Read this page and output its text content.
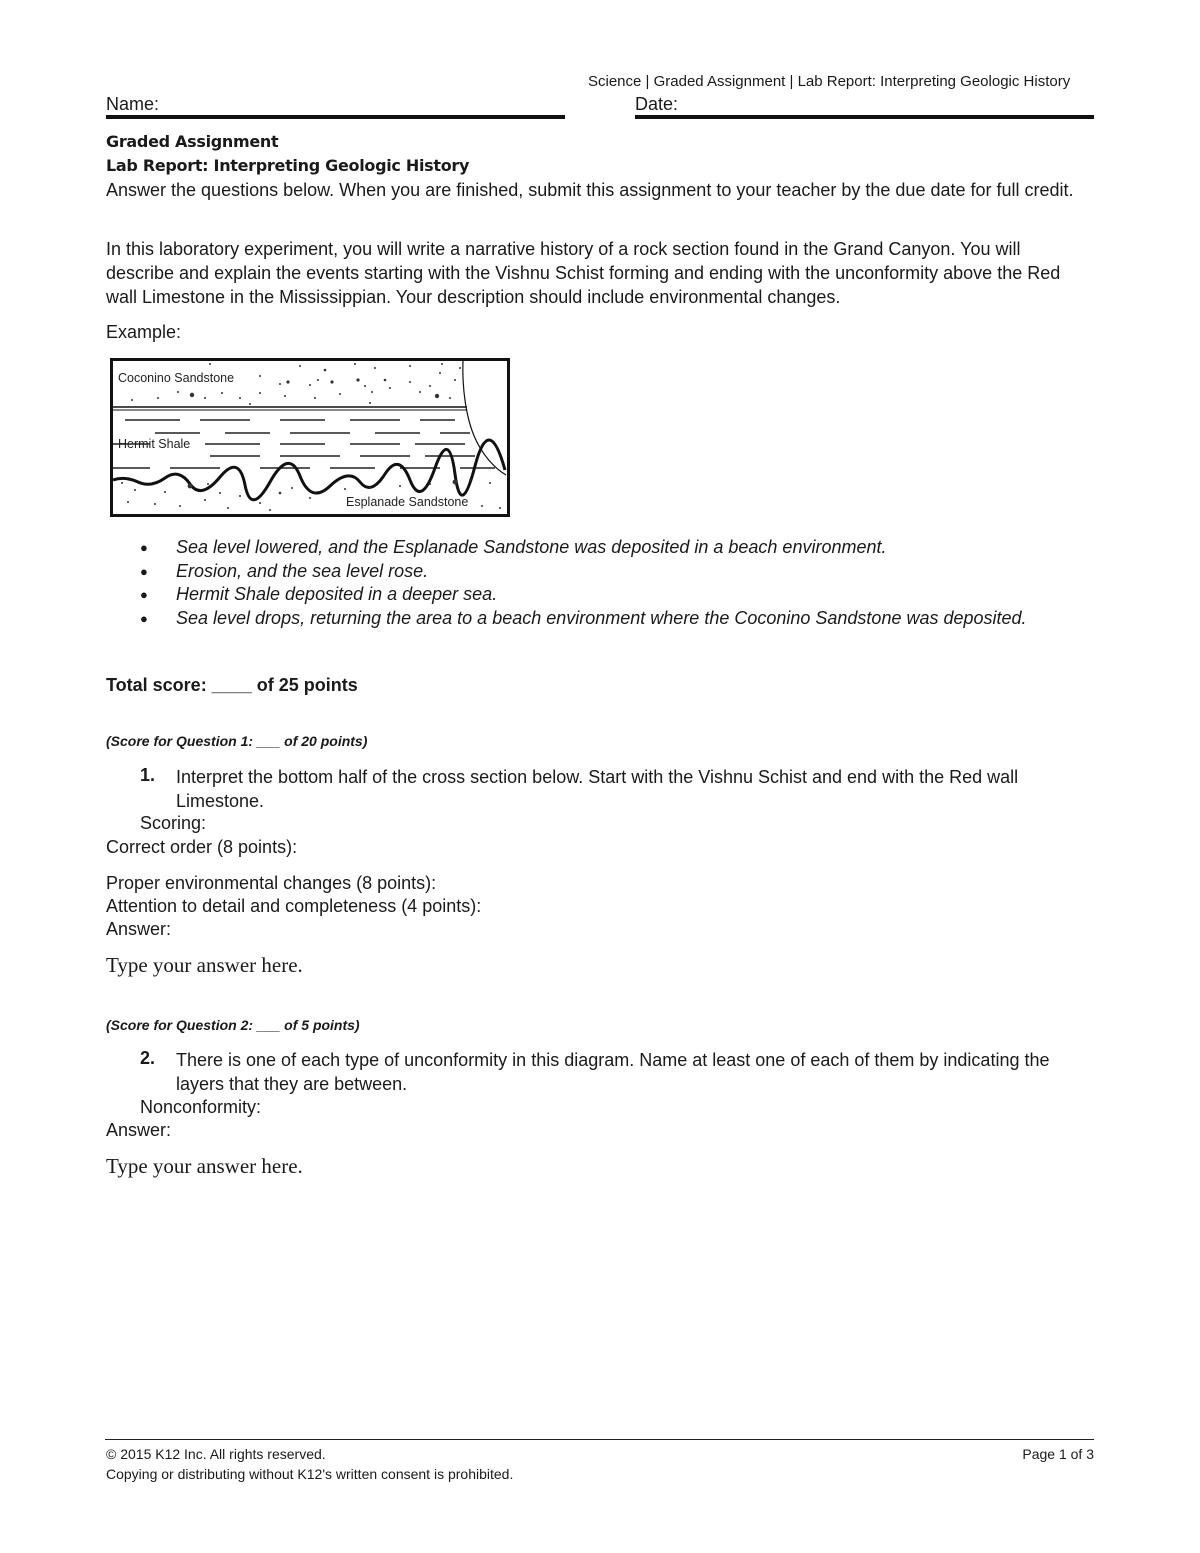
Science | Graded Assignment | Lab Report: Interpreting Geologic History
Name:	Date:
Graded Assignment
Lab Report: Interpreting Geologic History
Answer the questions below. When you are finished, submit this assignment to your teacher by the due date for full credit.
In this laboratory experiment, you will write a narrative history of a rock section found in the Grand Canyon. You will describe and explain the events starting with the Vishnu Schist forming and ending with the unconformity above the Red wall Limestone in the Mississippian. Your description should include environmental changes.
Example:
Coconino Sandstone
Hermit Shale
Esplanade Sandstone
● Sea level lowered, and the Esplanade Sandstone was deposited in a beach environment.
● Erosion, and the sea level rose.
● Hermit Shale deposited in a deeper sea.
● Sea level drops, returning the area to a beach environment where the Coconino Sandstone was deposited.
Total score: ____ of 25 points
(Score for Question 1: ___ of 20 points)
1. Interpret the bottom half of the cross section below. Start with the Vishnu Schist and end with the Red wall Limestone.
Scoring:
Correct order (8 points):
Proper environmental changes (8 points):
Attention to detail and completeness (4 points):
Answer:
Type your answer here.
(Score for Question 2: ___ of 5 points)
2. There is one of each type of unconformity in this diagram. Name at least one of each of them by indicating the layers that they are between.
Nonconformity:
Answer:
Type your answer here.
© 2015 K12 Inc. All rights reserved.
Copying or distributing without K12's written consent is prohibited.
Page 1 of 3
